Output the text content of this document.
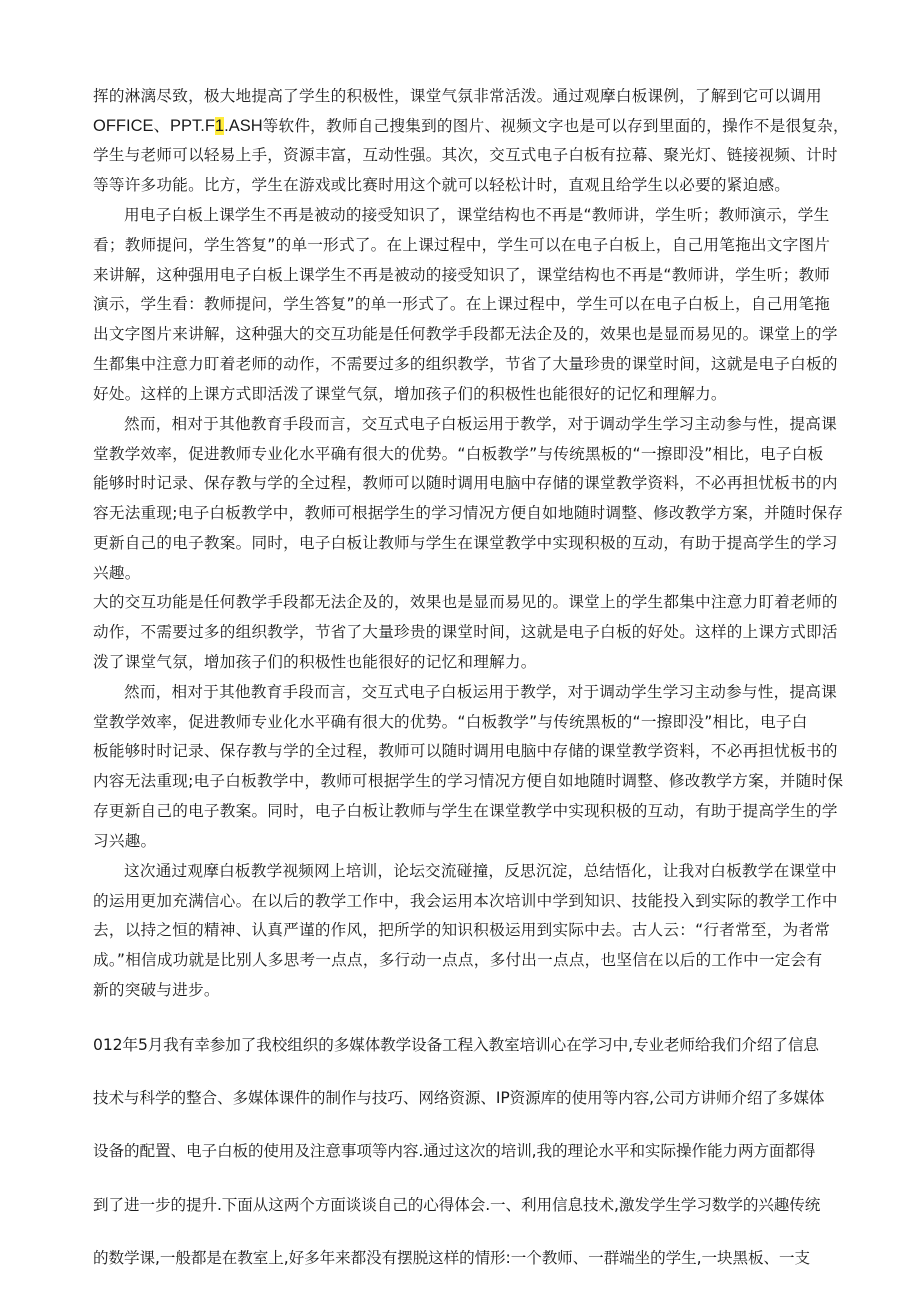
挥的淋漓尽致，极大地提高了学生的积极性，课堂气氛非常活泼。通过观摩白板课例，了解到它可以调用
OFFICE、PPT.F1.ASH等软件，教师自己搜集到的图片、视频文字也是可以存到里面的，操作不是很复杂，
学生与老师可以轻易上手，资源丰富，互动性强。其次，交互式电子白板有拉幕、聚光灯、链接视频、计时
等等许多功能。比方，学生在游戏或比赛时用这个就可以轻松计时，直观且给学生以必要的紧迫感。
用电子白板上课学生不再是被动的接受知识了，课堂结构也不再是“教师讲，学生听；教师演示，学生
看；教师提问，学生答复”的单一形式了。在上课过程中，学生可以在电子白板上，自己用笔拖出文字图片
来讲解，这种强用电子白板上课学生不再是被动的接受知识了，课堂结构也不再是“教师讲，学生听；教师
演示，学生看：教师提问，学生答复”的单一形式了。在上课过程中，学生可以在电子白板上，自己用笔拖
出文字图片来讲解，这种强大的交互功能是任何教学手段都无法企及的，效果也是显而易见的。课堂上的学
生都集中注意力盯着老师的动作，不需要过多的组织教学，节省了大量珍贵的课堂时间，这就是电子白板的
好处。这样的上课方式即活泼了课堂气氛，增加孩子们的积极性也能很好的记忆和理解力。
然而，相对于其他教育手段而言，交互式电子白板运用于教学，对于调动学生学习主动参与性，提高课
堂教学效率，促进教师专业化水平确有很大的优势。“白板教学”与传统黑板的“一擦即没”相比，电子白板
能够时时记录、保存教与学的全过程，教师可以随时调用电脑中存储的课堂教学资料，不必再担忧板书的内
容无法重现;电子白板教学中，教师可根据学生的学习情况方便自如地随时调整、修改教学方案，并随时保存
更新自己的电子教案。同时，电子白板让教师与学生在课堂教学中实现积极的互动，有助于提高学生的学习
兴趣。
大的交互功能是任何教学手段都无法企及的，效果也是显而易见的。课堂上的学生都集中注意力盯着老师的
动作，不需要过多的组织教学，节省了大量珍贵的课堂时间，这就是电子白板的好处。这样的上课方式即活
泼了课堂气氛，增加孩子们的积极性也能很好的记忆和理解力。
然而，相对于其他教育手段而言，交互式电子白板运用于教学，对于调动学生学习主动参与性，提高课
堂教学效率，促进教师专业化水平确有很大的优势。“白板教学”与传统黑板的“一擦即没”相比，电子白
板能够时时记录、保存教与学的全过程，教师可以随时调用电脑中存储的课堂教学资料，不必再担忧板书的
内容无法重现;电子白板教学中，教师可根据学生的学习情况方便自如地随时调整、修改教学方案，并随时保
存更新自己的电子教案。同时，电子白板让教师与学生在课堂教学中实现积极的互动，有助于提高学生的学
习兴趣。
这次通过观摩白板教学视频网上培训，论坛交流碰撞，反思沉淀，总结悟化，让我对白板教学在课堂中
的运用更加充满信心。在以后的教学工作中，我会运用本次培训中学到知识、技能投入到实际的教学工作中
去，以持之恒的精神、认真严谨的作风，把所学的知识积极运用到实际中去。古人云：“行者常至，为者常
成。”相信成功就是比别人多思考一点点，多行动一点点，多付出一点点，也坚信在以后的工作中一定会有
新的突破与进步。
012年5月我有幸参加了我校组织的多媒体教学设备工程入教室培训心在学习中,专业老师给我们介绍了信息
技术与科学的整合、多媒体课件的制作与技巧、网络资源、IP资源库的使用等内容,公司方讲师介绍了多媒体
设备的配置、电子白板的使用及注意事项等内容.通过这次的培训,我的理论水平和实际操作能力两方面都得
到了进一步的提升.下面从这两个方面谈谈自己的心得体会.一、利用信息技术,激发学生学习数学的兴趣传统
的数学课,一般都是在教室上,好多年来都没有摆脱这样的情形:一个教师、一群端坐的学生,一块黑板、一支
